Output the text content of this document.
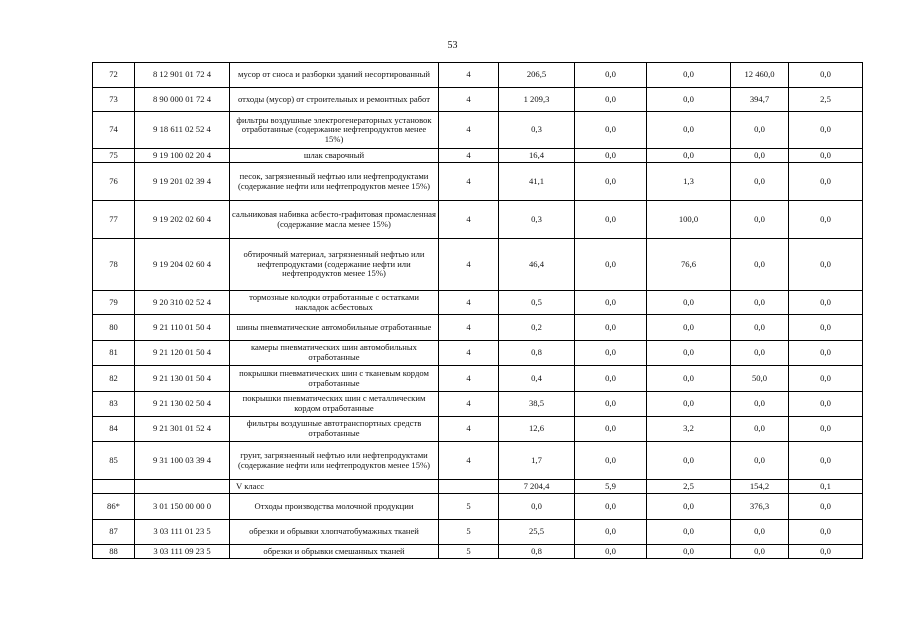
53
72	8 12 901 01 72 4	мусор от сноса и разборки зданий несортированный	4	206,5	0,0	0,0	12 460,0	0,0
73	8 90 000 01 72 4	отходы (мусор) от строительных и ремонтных работ	4	1 209,3	0,0	0,0	394,7	2,5
74	9 18 611 02 52 4	фильтры воздушные электрогенераторных установок отработанные (содержание нефтепродуктов менее 15%)	4	0,3	0,0	0,0	0,0	0,0
75	9 19 100 02 20 4	шлак сварочный	4	16,4	0,0	0,0	0,0	0,0
76	9 19 201 02 39 4	песок, загрязненный нефтью или нефтепродуктами (содержание нефти или нефтепродуктов менее 15%)	4	41,1	0,0	1,3	0,0	0,0
77	9 19 202 02 60 4	сальниковая набивка асбесто-графитовая промасленная (содержание масла менее 15%)	4	0,3	0,0	100,0	0,0	0,0
78	9 19 204 02 60 4	обтирочный материал, загрязненный нефтью или нефтепродуктами (содержание нефти или нефтепродуктов менее 15%)	4	46,4	0,0	76,6	0,0	0,0
79	9 20 310 02 52 4	тормозные колодки отработанные с остатками накладок асбестовых	4	0,5	0,0	0,0	0,0	0,0
80	9 21 110 01 50 4	шины пневматические автомобильные отработанные	4	0,2	0,0	0,0	0,0	0,0
81	9 21 120 01 50 4	камеры пневматических шин автомобильных отработанные	4	0,8	0,0	0,0	0,0	0,0
82	9 21 130 01 50 4	покрышки пневматических шин с тканевым кордом отработанные	4	0,4	0,0	0,0	50,0	0,0
83	9 21 130 02 50 4	покрышки пневматических шин с металлическим кордом отработанные	4	38,5	0,0	0,0	0,0	0,0
84	9 21 301 01 52 4	фильтры воздушные автотранспортных средств отработанные	4	12,6	0,0	3,2	0,0	0,0
85	9 31 100 03 39 4	грунт, загрязненный нефтью или нефтепродуктами (содержание нефти или нефтепродуктов менее 15%)	4	1,7	0,0	0,0	0,0	0,0
		V класс		7 204,4	5,9	2,5	154,2	0,1
86*	3 01 150 00 00 0	Отходы производства молочной продукции	5	0,0	0,0	0,0	376,3	0,0
87	3 03 111 01 23 5	обрезки и обрывки хлопчатобумажных тканей	5	25,5	0,0	0,0	0,0	0,0
88	3 03 111 09 23 5	обрезки и обрывки смешанных тканей	5	0,8	0,0	0,0	0,0	0,0
